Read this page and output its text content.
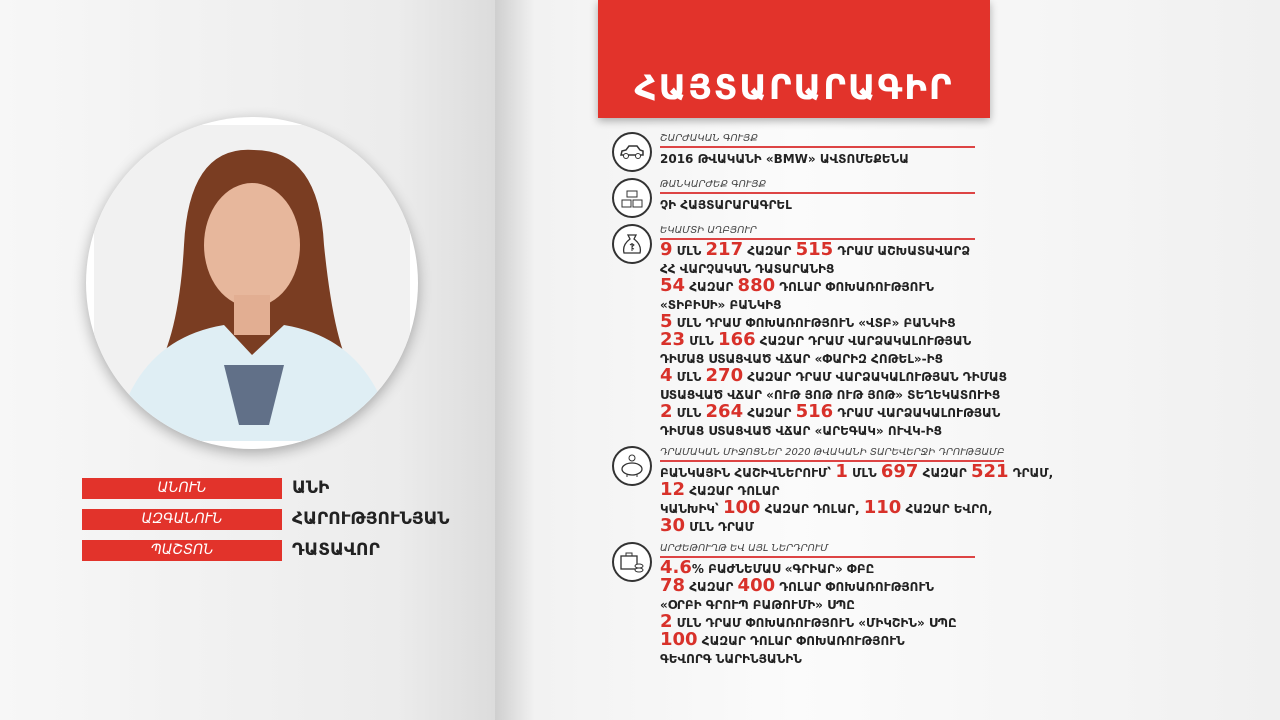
ԱՆՈՒՆ	ԱՆԻ
ԱԶԳԱՆՈՒՆ	ՀԱՐՈՒԹՅՈՒՆՅԱՆ
ՊԱՇՏՈՆ	ԴԱՏԱՎՈՐ
ՀԱՅՏԱՐԱՐԱԳԻՐ
ՇԱՐԺԱԿԱՆ ԳՈՒՅՔ
2016 ԹՎԱԿԱՆԻ «BMW» ԱՎՏՈՄԵՔԵՆԱ
ԹԱՆԿԱՐԺԵՔ ԳՈՒՅՔ
ՉԻ ՀԱՅՏԱՐԱՐԱԳՐԵԼ
ԵԿԱՄՏԻ ԱՂԲՅՈՒՐ
9 ՄԼՆ 217 ՀԱԶԱՐ 515 ԴՐԱՄ ԱՇԽԱՏԱՎԱՐՁ
ՀՀ ՎԱՐՉԱԿԱՆ ԴԱՏԱՐԱՆԻՑ
54 ՀԱԶԱՐ 880 ԴՈԼԱՐ ՓՈԽԱՌՈՒԹՅՈՒՆ
«ՏԻԲԻՍԻ» ԲԱՆԿԻՑ
5 ՄԼՆ ԴՐԱՄ ՓՈԽԱՌՈՒԹՅՈՒՆ «ՎՏԲ» ԲԱՆԿԻՑ
23 ՄԼՆ 166 ՀԱԶԱՐ ԴՐԱՄ ՎԱՐՁԱԿԱԼՈՒԹՅԱՆ
ԴԻՄԱՑ ՍՏԱՑՎԱԾ ՎՃԱՐ «ՓԱՐԻԶ ՀՈԹԵԼ»-ԻՑ
4 ՄԼՆ 270 ՀԱԶԱՐ ԴՐԱՄ ՎԱՐՁԱԿԱԼՈՒԹՅԱՆ ԴԻՄԱՑ
ՍՏԱՑՎԱԾ ՎՃԱՐ «ՈՒԹ ՅՈԹ ՈՒԹ ՅՈԹ» ՏԵՂԵԿԱՏՈՒԻՑ
2 ՄԼՆ 264 ՀԱԶԱՐ 516 ԴՐԱՄ ՎԱՐՁԱԿԱԼՈՒԹՅԱՆ
ԴԻՄԱՑ ՍՏԱՑՎԱԾ ՎՃԱՐ «ԱՐԵԳԱԿ» ՈՒՎԿ-ԻՑ
ԴՐԱՄԱԿԱՆ ՄԻՋՈՑՆԵՐ 2020 ԹՎԱԿԱՆԻ ՏԱՐԵՎԵՐՋԻ ԴՐՈՒԹՅԱՄԲ
ԲԱՆԿԱՅԻՆ ՀԱՇԻՎՆԵՐՈՒՄ՝ 1 ՄԼՆ 697 ՀԱԶԱՐ 521 ԴՐԱՄ,
12 ՀԱԶԱՐ ԴՈԼԱՐ
ԿԱՆԽԻԿ՝ 100 ՀԱԶԱՐ ԴՈԼԱՐ, 110 ՀԱԶԱՐ ԵՎՐՈ,
30 ՄԼՆ ԴՐԱՄ
ԱՐԺԵԹՈՒՂԹ ԵՎ ԱՅԼ ՆԵՐԴՐՈՒՄ
4.6% ԲԱԺՆԵՄԱՍ «ԳՐԻԱՐ» ՓԲԸ
78 ՀԱԶԱՐ 400 ԴՈԼԱՐ ՓՈԽԱՌՈՒԹՅՈՒՆ
«ՕՐԲԻ ԳՐՈՒՊ ԲԱԹՈՒՄԻ» ՍՊԸ
2 ՄԼՆ ԴՐԱՄ ՓՈԽԱՌՈՒԹՅՈՒՆ «ՄԻԿՇԻՆ» ՍՊԸ
100 ՀԱԶԱՐ ԴՈԼԱՐ ՓՈԽԱՌՈՒԹՅՈՒՆ
ԳԵՎՈՐԳ ՆԱՐԻՆՅԱՆԻՆ
